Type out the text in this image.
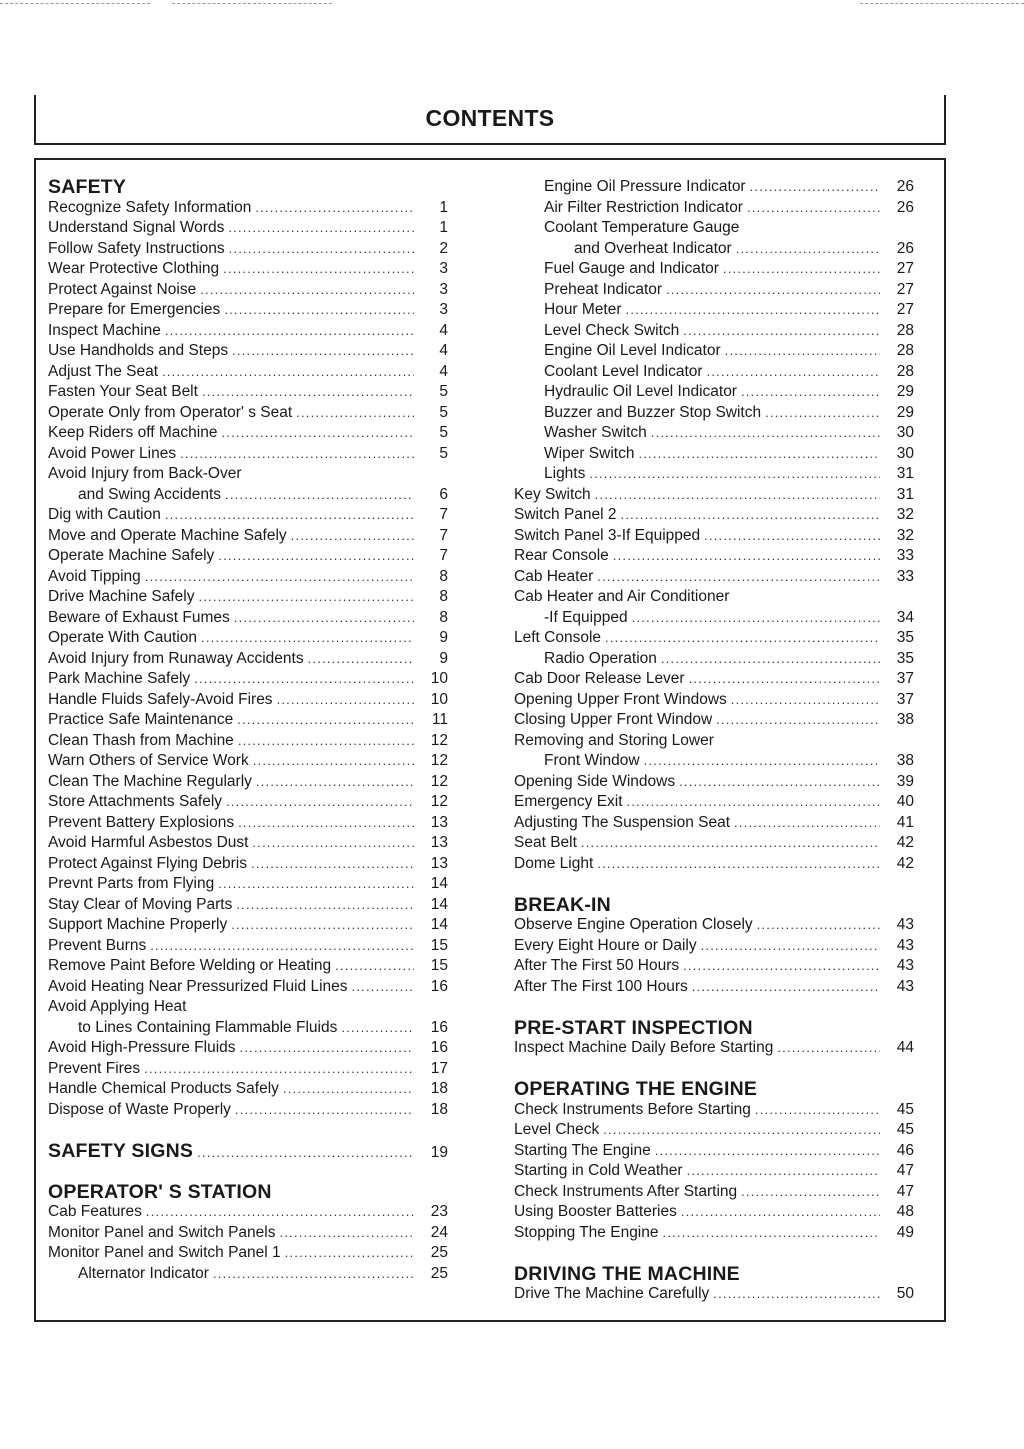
CONTENTS
SAFETY
Recognize Safety Information .....	1
Understand Signal Words .....	1
Follow Safety Instructions .....	2
Wear Protective Clothing .....	3
Protect Against Noise .....	3
Prepare for Emergencies .....	3
Inspect Machine .....	4
Use Handholds and Steps .....	4
Adjust The Seat .....	4
Fasten Your Seat Belt .....	5
Operate Only from Operator' s Seat .....	5
Keep Riders off Machine .....	5
Avoid Power Lines .....	5
Avoid Injury from Back-Over
and Swing Accidents .....	6
Dig with Caution .....	7
Move and Operate Machine Safely .....	7
Operate Machine Safely .....	7
Avoid Tipping .....	8
Drive Machine Safely .....	8
Beware of Exhaust Fumes .....	8
Operate With Caution .....	9
Avoid Injury from Runaway Accidents .....	9
Park Machine Safely .....	10
Handle Fluids Safely-Avoid Fires .....	10
Practice Safe Maintenance .....	11
Clean Thash from Machine .....	12
Warn Others of Service Work .....	12
Clean The Machine Regularly .....	12
Store Attachments Safely .....	12
Prevent Battery Explosions .....	13
Avoid Harmful Asbestos Dust .....	13
Protect Against Flying Debris .....	13
Prevnt Parts from Flying .....	14
Stay Clear of Moving Parts .....	14
Support Machine Properly .....	14
Prevent Burns .....	15
Remove Paint Before Welding or Heating .....	15
Avoid Heating Near Pressurized Fluid Lines .....	16
Avoid Applying Heat
to Lines Containing Flammable Fluids .....	16
Avoid High-Pressure Fluids .....	16
Prevent Fires .....	17
Handle Chemical Products Safely .....	18
Dispose of Waste Properly .....	18
SAFETY SIGNS .....	19
OPERATOR' S STATION
Cab Features .....	23
Monitor Panel and Switch Panels .....	24
Monitor Panel and Switch Panel 1 .....	25
Alternator Indicator .....	25
Engine Oil Pressure Indicator .....	26
Air Filter Restriction Indicator .....	26
Coolant Temperature Gauge
and Overheat Indicator .....	26
Fuel Gauge and Indicator .....	27
Preheat Indicator .....	27
Hour Meter .....	27
Level Check Switch .....	28
Engine Oil Level Indicator .....	28
Coolant Level Indicator .....	28
Hydraulic Oil Level Indicator .....	29
Buzzer and Buzzer Stop Switch .....	29
Washer Switch .....	30
Wiper Switch .....	30
Lights .....	31
Key Switch .....	31
Switch Panel 2 .....	32
Switch Panel 3-If Equipped .....	32
Rear Console .....	33
Cab Heater .....	33
Cab Heater and Air Conditioner
-If Equipped .....	34
Left Console .....	35
Radio Operation .....	35
Cab Door Release Lever .....	37
Opening Upper Front Windows .....	37
Closing Upper Front Window .....	38
Removing and Storing Lower
Front Window .....	38
Opening Side Windows .....	39
Emergency Exit .....	40
Adjusting The Suspension Seat .....	41
Seat Belt .....	42
Dome Light .....	42
BREAK-IN
Observe Engine Operation Closely .....	43
Every Eight Houre or Daily .....	43
After The First 50 Hours .....	43
After The First 100 Hours .....	43
PRE-START INSPECTION
Inspect Machine Daily Before Starting .....	44
OPERATING THE ENGINE
Check Instruments Before Starting .....	45
Level Check .....	45
Starting The Engine .....	46
Starting in Cold Weather .....	47
Check Instruments After Starting .....	47
Using Booster Batteries .....	48
Stopping The Engine .....	49
DRIVING THE MACHINE
Drive The Machine Carefully .....	50
